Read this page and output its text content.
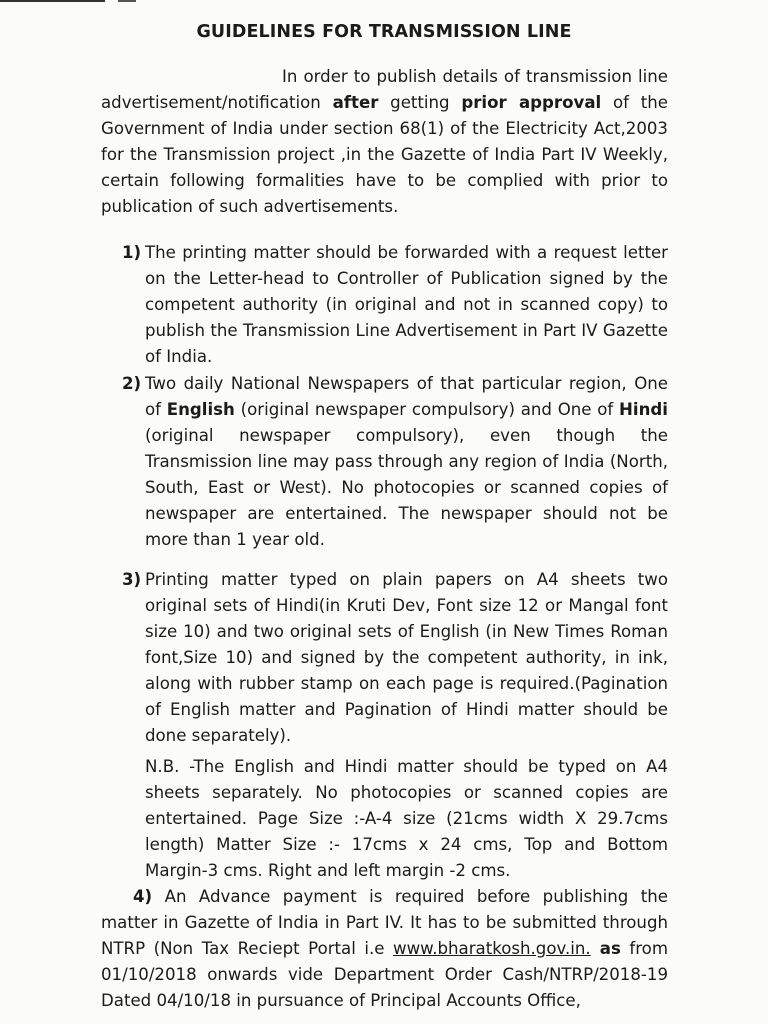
GUIDELINES FOR TRANSMISSION LINE

In order to publish details of transmission line advertisement/notification after getting prior approval of the Government of India under section 68(1) of the Electricity Act,2003 for the Transmission project ,in the Gazette of India Part IV Weekly, certain following formalities have to be complied with prior to publication of such advertisements.

1) The printing matter should be forwarded with a request letter on the Letter-head to Controller of Publication signed by the competent authority (in original and not in scanned copy) to publish the Transmission Line Advertisement in Part IV Gazette of India.

2) Two daily National Newspapers of that particular region, One of English (original newspaper compulsory) and One of Hindi (original newspaper compulsory), even though the Transmission line may pass through any region of India (North, South, East or West). No photocopies or scanned copies of newspaper are entertained. The newspaper should not be more than 1 year old.

3) Printing matter typed on plain papers on A4 sheets two original sets of Hindi(in Kruti Dev, Font size 12 or Mangal font size 10) and two original sets of English (in New Times Roman font,Size 10) and signed by the competent authority, in ink, along with rubber stamp on each page is required.(Pagination of English matter and Pagination of Hindi matter should be done separately).

N.B. -The English and Hindi matter should be typed on A4 sheets separately. No photocopies or scanned copies are entertained. Page Size :-A-4 size (21cms width X 29.7cms length) Matter Size :- 17cms x 24 cms, Top and Bottom Margin-3 cms. Right and left margin -2 cms.

4) An Advance payment is required before publishing the matter in Gazette of India in Part IV. It has to be submitted through NTRP (Non Tax Reciept Portal i.e www.bharatkosh.gov.in. as from 01/10/2018 onwards vide Department Order Cash/NTRP/2018-19 Dated 04/10/18 in pursuance of Principal Accounts Office,
